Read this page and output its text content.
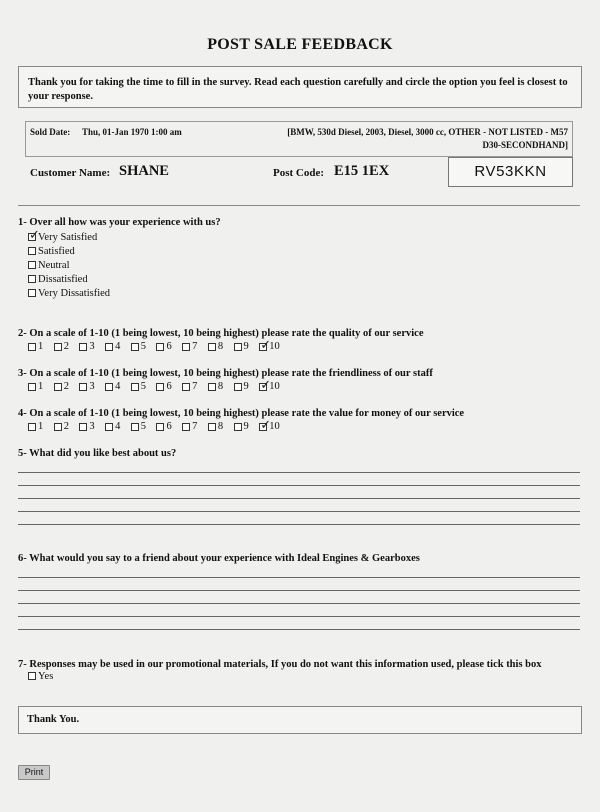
POST SALE FEEDBACK
Thank you for taking the time to fill in the survey. Read each question carefully and circle the option you feel is closest to your response.
Sold Date: Thu, 01-Jan 1970 1:00 am	[BMW, 530d Diesel, 2003, Diesel, 3000 cc, OTHER - NOT LISTED - M57
D30-SECONDHAND]
Customer Name: SHANE	Post Code: E15 1EX	RV53KKN
1- Over all how was your experience with us?
✓
Very Satisfied
Satisfied
Neutral
Dissatisfied
Very Dissatisfied
2- On a scale of 1-10 (1 being lowest, 10 being highest) please rate the quality of our service
1 2 3 4 5 6 7 8 9 ✓ 10
3- On a scale of 1-10 (1 being lowest, 10 being highest) please rate the friendliness of our staff
1 2 3 4 5 6 7 8 9 ✓ 10
4- On a scale of 1-10 (1 being lowest, 10 being highest) please rate the value for money of our service
1 2 3 4 5 6 7 8 9 ✓ 10
5- What did you like best about us?
6- What would you say to a friend about your experience with Ideal Engines & Gearboxes
7- Responses may be used in our promotional materials, If you do not want this information used, please tick this box
Yes
Thank You.
Print
